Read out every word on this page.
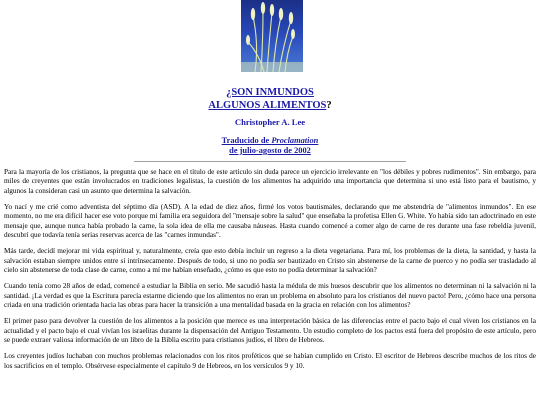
¿SON INMUNDOS
ALGUNOS ALIMENTOS?
Christopher A. Lee
Traducido de Proclamation
de julio-agosto de 2002

Para la mayoría de los cristianos, la pregunta que se hace en el título de este artículo sin duda parece un ejercicio irrelevante en "los débiles y pobres rudimentos". Sin embargo, para miles de creyentes que están involucrados en tradiciones legalistas, la cuestión de los alimentos ha adquirido una importancia que determina si uno está listo para el bautismo, y algunos la consideran casi un asunto que determina la salvación.

Yo nací y me crié como adventista del séptimo día (ASD). A la edad de diez años, firmé los votos bautismales, declarando que me abstendría de "alimentos inmundos". En ese momento, no me era difícil hacer ese voto porque mi familia era seguidora del "mensaje sobre la salud" que enseñaba la profetisa Ellen G. White. Yo había sido tan adoctrinado en este mensaje que, aunque nunca había probado la carne, la sola idea de ella me causaba náuseas. Hasta cuando comencé a comer algo de carne de res durante una fase rebeldía juvenil, descubrí que todavía tenía serias reservas acerca de las "carnes inmundas".

Más tarde, decidí mejorar mi vida espiritual y, naturalmente, creía que esto debía incluir un regreso a la dieta vegetariana. Para mí, los problemas de la dieta, la santidad, y hasta la salvación estaban siempre unidos entre sí intrínsecamente. Después de todo, si uno no podía ser bautizado en Cristo sin abstenerse de la carne de puerco y no podía ser trasladado al cielo sin abstenerse de toda clase de carne, como a mí me habían enseñado, ¿cómo es que esto no podía determinar la salvación?

Cuando tenía como 28 años de edad, comencé a estudiar la Biblia en serio. Me sacudió hasta la médula de mis huesos descubrir que los alimentos no determinan ni la salvación ni la santidad. ¡La verdad es que la Escritura parecía estarme diciendo que los alimentos no eran un problema en absoluto para los cristianos del nuevo pacto! Pero, ¿cómo hace una persona criada en una tradición orientada hacia las obras para hacer la transición a una mentalidad basada en la gracia en relación con los alimentos?

El primer paso para devolver la cuestión de los alimentos a la posición que merece es una interpretación básica de las diferencias entre el pacto bajo el cual viven los cristianos en la actualidad y el pacto bajo el cual vivían los israelitas durante la dispensación del Antiguo Testamento. Un estudio completo de los pactos está fuera del propósito de este artículo, pero se puede extraer valiosa información de un libro de la Biblia escrito para cristianos judíos, el libro de Hebreos.

Los creyentes judíos luchaban con muchos problemas relacionados con los ritos proféticos que se habían cumplido en Cristo. El escritor de Hebreos describe muchos de los ritos de los sacrificios en el templo. Obsérvese especialmente el capítulo 9 de Hebreos, en los versículos 9 y 10.
